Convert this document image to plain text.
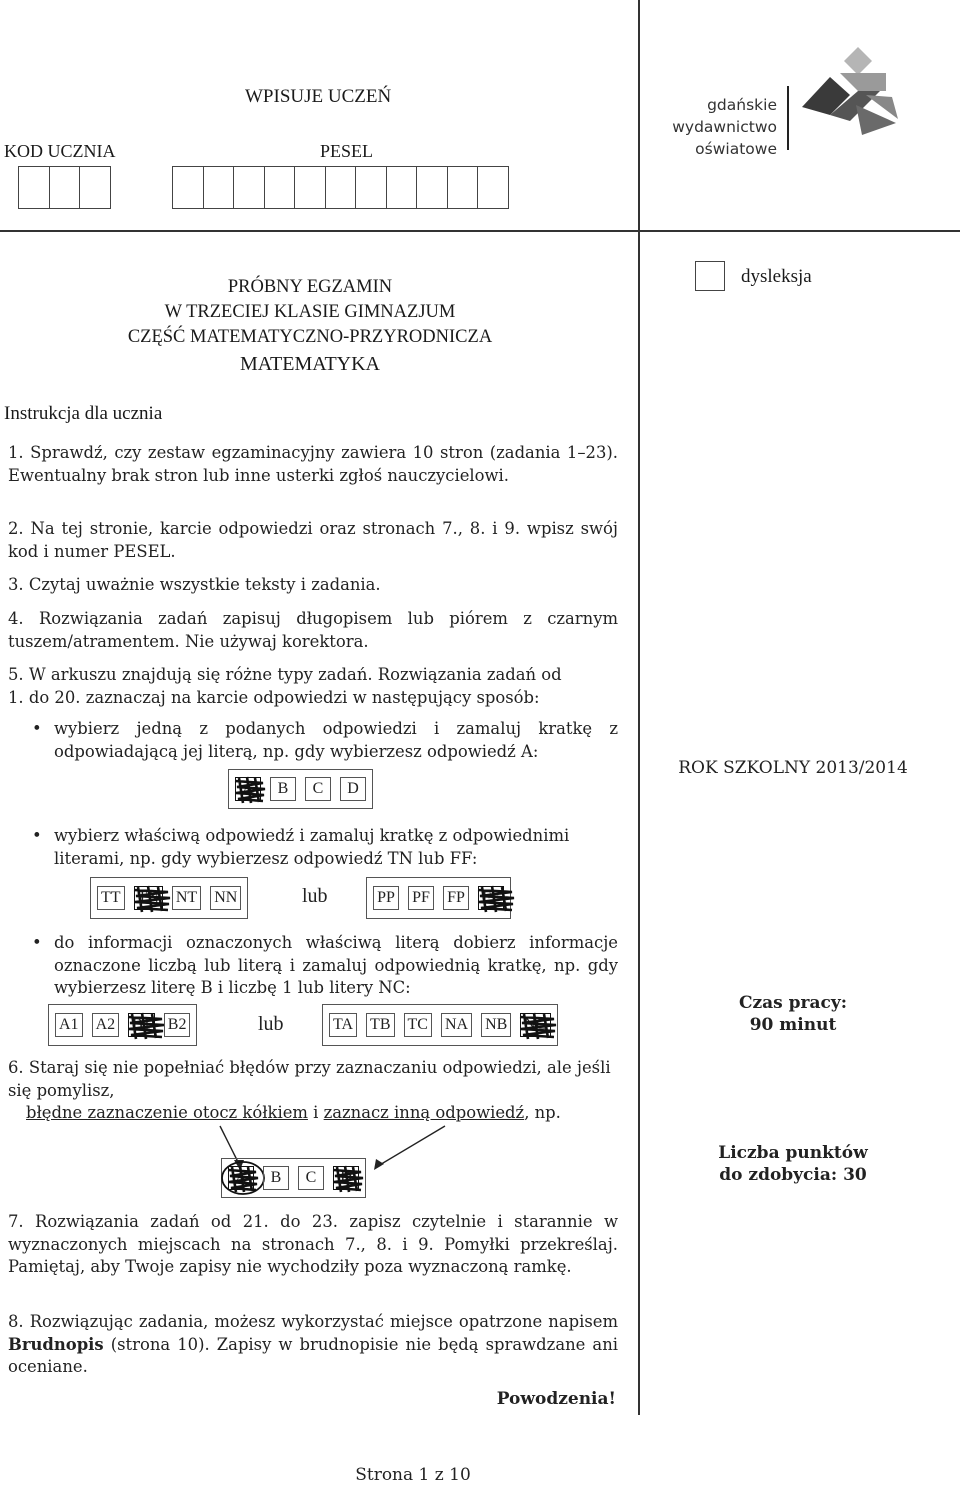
WPISUJE UCZEŃ
KOD UCZNIA	PESEL
gdańskie
wydawnictwo
oświatowe
dysleksja
PRÓBNY EGZAMIN
W TRZECIEJ KLASIE GIMNAZJUM
CZĘŚĆ MATEMATYCZNO-PRZYRODNICZA
MATEMATYKA
Instrukcja dla ucznia

1. Sprawdź, czy zestaw egzaminacyjny zawiera 10 stron (zadania 1–23). Ewentualny brak stron lub inne usterki zgłoś nauczycielowi.

2. Na tej stronie, karcie odpowiedzi oraz stronach 7., 8. i 9. wpisz swój kod i numer PESEL.

3. Czytaj uważnie wszystkie teksty i zadania.

4. Rozwiązania zadań zapisuj długopisem lub piórem z czarnym tuszem/atramentem. Nie używaj korektora.

5. W arkuszu znajdują się różne typy zadań. Rozwiązania zadań od

1. do 20. zaznaczaj na karcie odpowiedzi w następujący sposób:

• wybierz jedną z podanych odpowiedzi i zamaluj kratkę z odpowiadającą jej literą, np. gdy wybierzesz odpowiedź A:
A	B	C	D
• wybierz właściwą odpowiedź i zamaluj kratkę z odpowiednimi literami, np. gdy wybierzesz odpowiedź TN lub FF:
TT TN NT NN	lub	PP PF FP FF
• do informacji oznaczonych właściwą literą dobierz informacje oznaczone liczbą lub literą i zamaluj odpowiednią kratkę, np. gdy wybierzesz literę B i liczbę 1 lub litery NC:
A1 A2 B1 B2	lub	TA TB TC NA NB NC

6. Staraj się nie popełniać błędów przy zaznaczaniu odpowiedzi, ale jeśli się pomylisz,

błędne zaznaczenie otocz kółkiem i zaznacz inną odpowiedź, np.

A	B	C	D

7. Rozwiązania zadań od 21. do 23. zapisz czytelnie i starannie w wyznaczonych miejscach na stronach 7., 8. i 9. Pomyłki przekreślaj. Pamiętaj, aby Twoje zapisy nie wychodziły poza wyznaczoną ramkę.

8. Rozwiązując zadania, możesz wykorzystać miejsce opatrzone napisem Brudnopis (strona 10). Zapisy w brudnopisie nie będą sprawdzane ani oceniane.

Powodzenia!
ROK SZKOLNY 2013/2014
Czas pracy:
90 minut
Liczba punktów
do zdobycia: 30
Strona 1 z 10
